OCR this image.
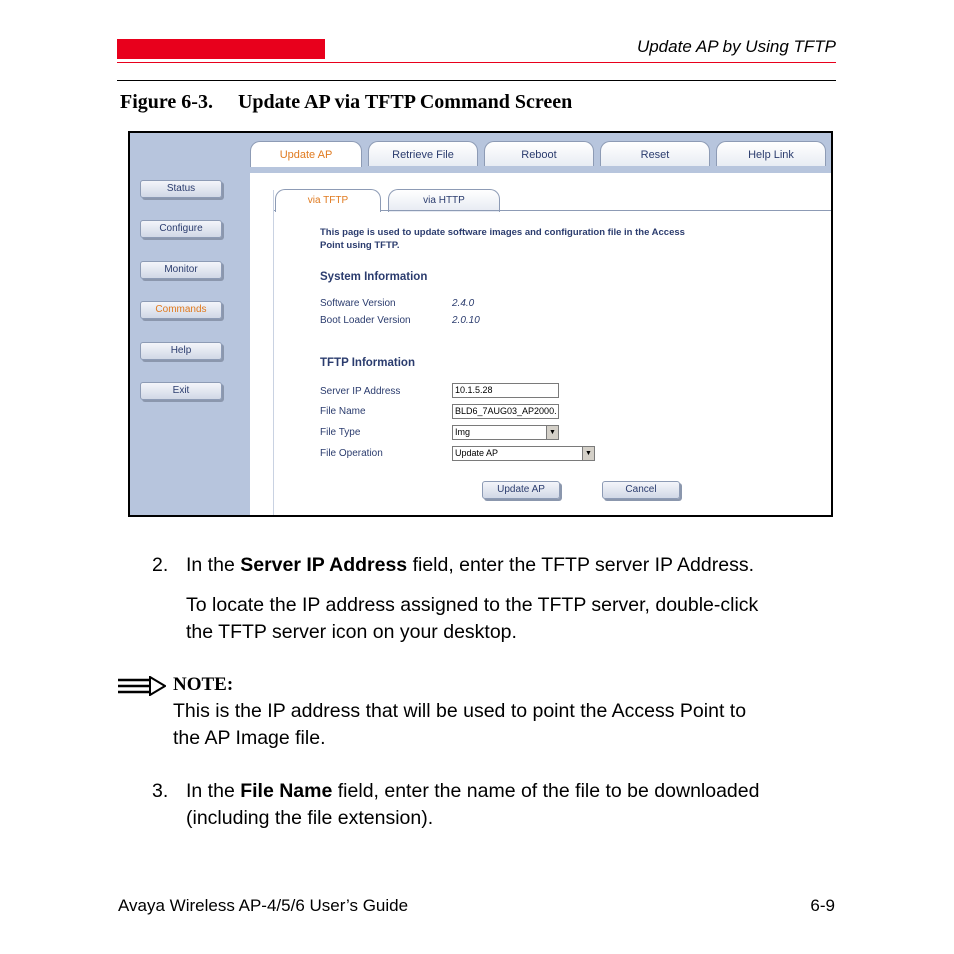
Update AP by Using TFTP
Figure 6-3.  Update AP via TFTP Command Screen
Status
Configure
Monitor
Commands
Help
Exit
Update AP	Retrieve File	Reboot	Reset	Help Link
via TFTP	via HTTP
This page is used to update software images and configuration file in the Access
Point using TFTP.
System Information
Software Version	2.4.0
Boot Loader Version	2.0.10
TFTP Information
Server IP Address	10.1.5.28
File Name	BLD6_7AUG03_AP2000.
File Type	Img	▼
File Operation	Update AP	▼
Update AP	Cancel
2. In the Server IP Address field, enter the TFTP server IP Address.
To locate the IP address assigned to the TFTP server, double-click
the TFTP server icon on your desktop.
NOTE:
This is the IP address that will be used to point the Access Point to
the AP Image file.
3. In the File Name field, enter the name of the file to be downloaded
(including the file extension).
Avaya Wireless AP-4/5/6 User’s Guide	6-9
